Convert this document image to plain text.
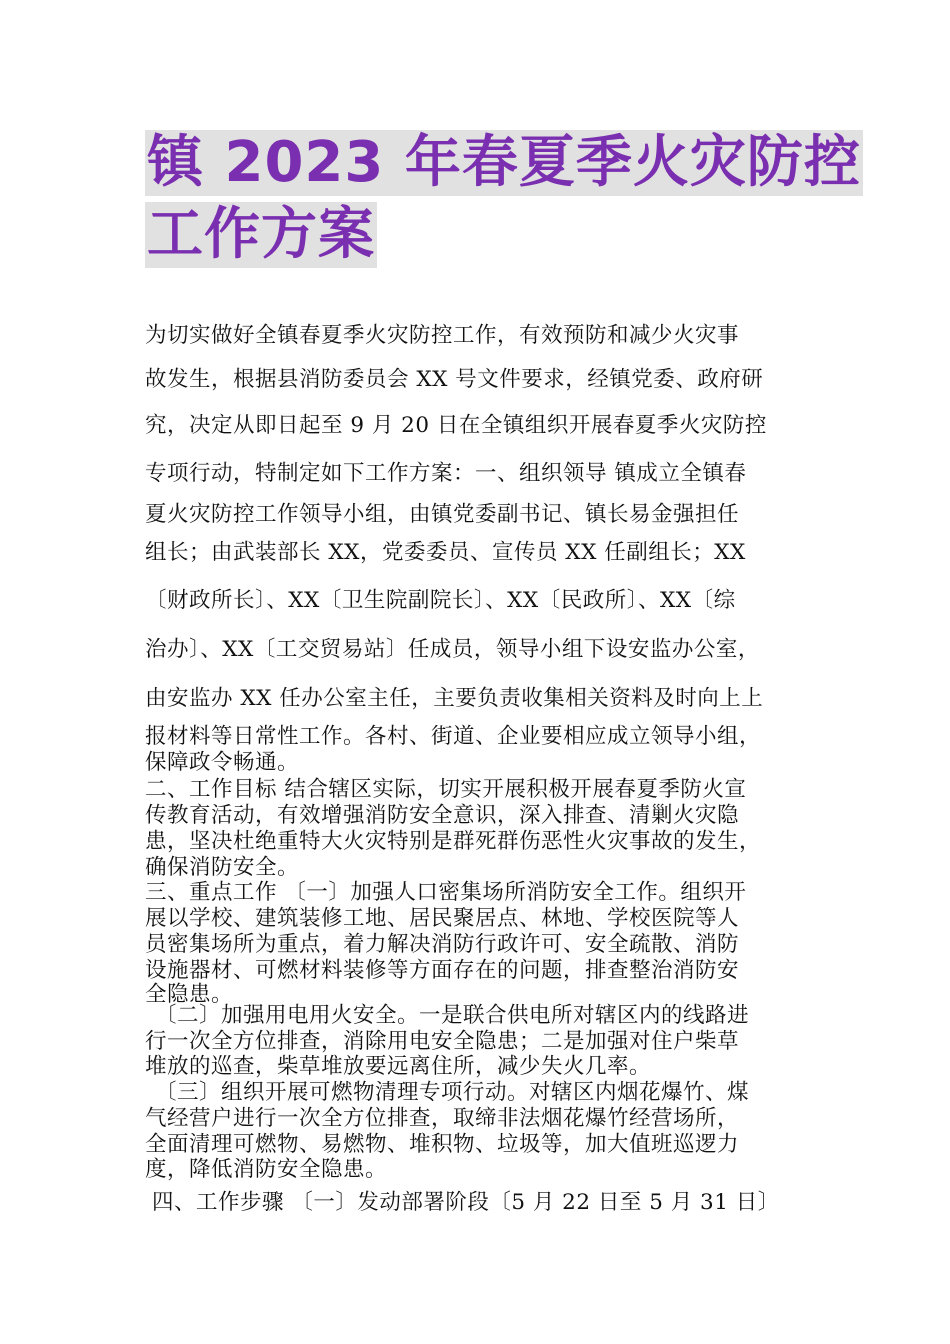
镇 2023 年春夏季火灾防控
工作方案
为切实做好全镇春夏季火灾防控工作，有效预防和减少火灾事
故发生，根据县消防委员会 XX 号文件要求，经镇党委、政府研
究，决定从即日起至 9 月 20 日在全镇组织开展春夏季火灾防控
专项行动，特制定如下工作方案：一、组织领导 镇成立全镇春
夏火灾防控工作领导小组，由镇党委副书记、镇长易金强担任
组长；由武装部长 XX，党委委员、宣传员 XX 任副组长；XX
〔财政所长〕、XX〔卫生院副院长〕、XX〔民政所〕、XX〔综
治办〕、XX〔工交贸易站〕任成员，领导小组下设安监办公室，
由安监办 XX 任办公室主任，主要负责收集相关资料及时向上上
报材料等日常性工作。各村、街道、企业要相应成立领导小组，
保障政令畅通。
二、工作目标 结合辖区实际，切实开展积极开展春夏季防火宣
传教育活动，有效增强消防安全意识，深入排查、清剿火灾隐
患，坚决杜绝重特大火灾特别是群死群伤恶性火灾事故的发生，
确保消防安全。
三、重点工作 〔一〕加强人口密集场所消防安全工作。组织开
展以学校、建筑装修工地、居民聚居点、林地、学校医院等人
员密集场所为重点，着力解决消防行政许可、安全疏散、消防
设施器材、可燃材料装修等方面存在的问题，排查整治消防安
全隐患。
〔二〕加强用电用火安全。一是联合供电所对辖区内的线路进
行一次全方位排查，消除用电安全隐患；二是加强对住户柴草
堆放的巡查，柴草堆放要远离住所，减少失火几率。
〔三〕组织开展可燃物清理专项行动。对辖区内烟花爆竹、煤
气经营户进行一次全方位排查，取缔非法烟花爆竹经营场所，
全面清理可燃物、易燃物、堆积物、垃圾等，加大值班巡逻力
度，降低消防安全隐患。
四、工作步骤 〔一〕发动部署阶段〔5 月 22 日至 5 月 31 日〕
